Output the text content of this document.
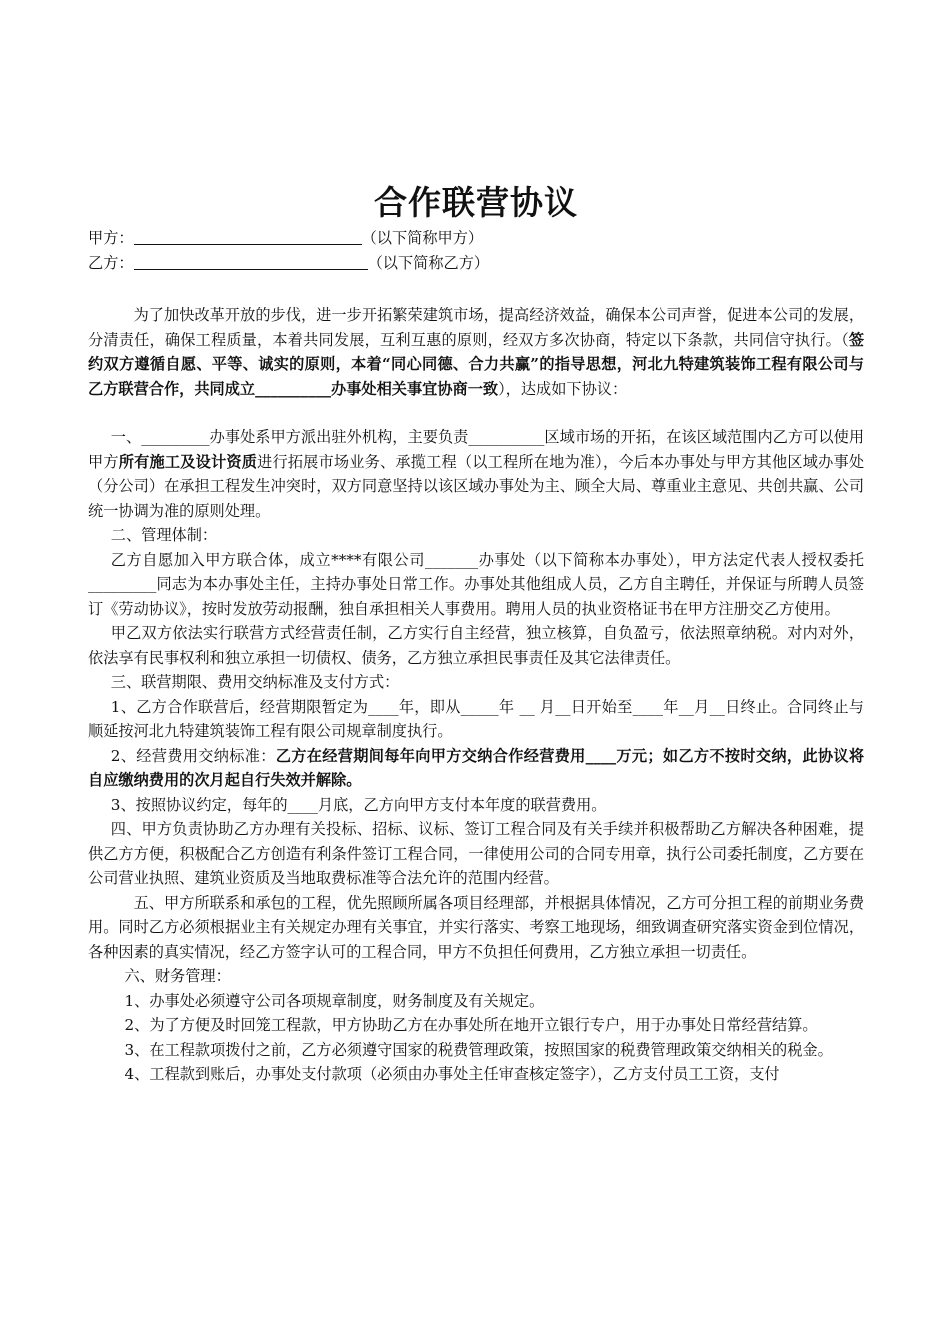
合作联营协议

甲方：	（以下简称甲方）

乙方：	（以下简称乙方）

为了加快改革开放的步伐，进一步开拓繁荣建筑市场，提高经济效益，确保本公司声誉，促进本公司的发展，分清责任，确保工程质量，本着共同发展，互利互惠的原则，经双方多次协商，特定以下条款，共同信守执行。（签约双方遵循自愿、平等、诚实的原则，本着“同心同德、合力共赢”的指导思想，河北九特建筑装饰工程有限公司与乙方联营合作，共同成立__________办事处相关事宜协商一致），达成如下协议：

一、_________办事处系甲方派出驻外机构，主要负责__________区域市场的开拓，在该区域范围内乙方可以使用甲方所有施工及设计资质进行拓展市场业务、承揽工程（以工程所在地为准），今后本办事处与甲方其他区域办事处（分公司）在承担工程发生冲突时，双方同意坚持以该区域办事处为主、顾全大局、尊重业主意见、共创共赢、公司统一协调为准的原则处理。

二、管理体制：

乙方自愿加入甲方联合体，成立****有限公司_______办事处（以下简称本办事处），甲方法定代表人授权委托_________同志为本办事处主任，主持办事处日常工作。办事处其他组成人员，乙方自主聘任，并保证与所聘人员签订《劳动协议》，按时发放劳动报酬，独自承担相关人事费用。聘用人员的执业资格证书在甲方注册交乙方使用。

甲乙双方依法实行联营方式经营责任制，乙方实行自主经营，独立核算，自负盈亏，依法照章纳税。对内对外，依法享有民事权利和独立承担一切债权、债务，乙方独立承担民事责任及其它法律责任。

三、联营期限、费用交纳标准及支付方式：

1、乙方合作联营后，经营期限暂定为____年，即从_____年 __ 月__日开始至____年__月__日终止。合同终止与顺延按河北九特建筑装饰工程有限公司规章制度执行。

2、经营费用交纳标准：乙方在经营期间每年向甲方交纳合作经营费用____万元；如乙方不按时交纳，此协议将自应缴纳费用的次月起自行失效并解除。

3、按照协议约定，每年的____月底，乙方向甲方支付本年度的联营费用。

四、甲方负责协助乙方办理有关投标、招标、议标、签订工程合同及有关手续并积极帮助乙方解决各种困难，提供乙方方便，积极配合乙方创造有利条件签订工程合同，一律使用公司的合同专用章，执行公司委托制度，乙方要在公司营业执照、建筑业资质及当地取费标准等合法允许的范围内经营。

五、甲方所联系和承包的工程，优先照顾所属各项目经理部，并根据具体情况，乙方可分担工程的前期业务费用。同时乙方必须根据业主有关规定办理有关事宜，并实行落实、考察工地现场，细致调查研究落实资金到位情况，各种因素的真实情况，经乙方签字认可的工程合同，甲方不负担任何费用，乙方独立承担一切责任。

六、财务管理：

1、办事处必须遵守公司各项规章制度，财务制度及有关规定。

2、为了方便及时回笼工程款，甲方协助乙方在办事处所在地开立银行专户，用于办事处日常经营结算。

3、在工程款项拨付之前，乙方必须遵守国家的税费管理政策，按照国家的税费管理政策交纳相关的税金。

4、工程款到账后，办事处支付款项（必须由办事处主任审查核定签字），乙方支付员工工资，支付
